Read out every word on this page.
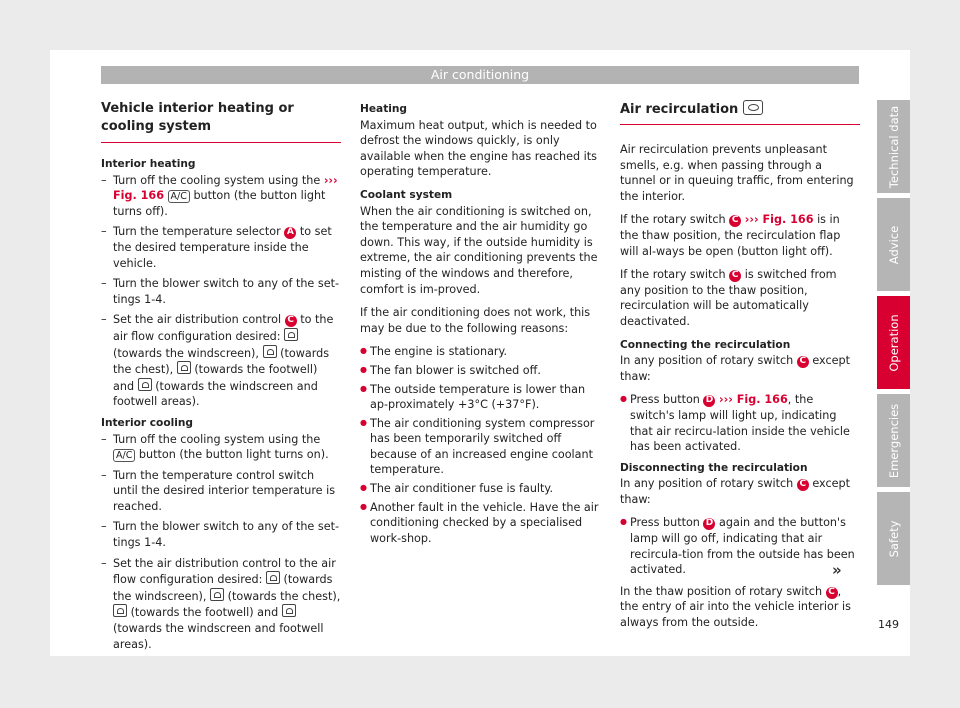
Air conditioning
Vehicle interior heating or cooling system
Interior heating
– Turn off the cooling system using the ››› Fig. 166 A/C button (the button light turns off).
– Turn the temperature selector A to set the desired temperature inside the vehicle.
– Turn the blower switch to any of the set-tings 1-4.
– Set the air distribution control C to the air flow configuration desired:  (towards the windscreen), (towards the chest), (towards the footwell) and (towards the windscreen and footwell areas).
Interior cooling
– Turn off the cooling system using the A/C button (the button light turns on).
– Turn the temperature control switch until the desired interior temperature is reached.
– Turn the blower switch to any of the set-tings 1-4.
– Set the air distribution control to the air flow configuration desired: (towards the windscreen), (towards the chest),  (towards the footwell) and  (towards the windscreen and footwell areas).
Heating

Maximum heat output, which is needed to defrost the windows quickly, is only available when the engine has reached its operating temperature.

Coolant system

When the air conditioning is switched on, the temperature and the air humidity go down. This way, if the outside humidity is extreme, the air conditioning prevents the misting of the windows and therefore, comfort is im-proved.

If the air conditioning does not work, this may be due to the following reasons:

● The engine is stationary.
● The fan blower is switched off.
● The outside temperature is lower than ap-proximately +3°C (+37°F).
● The air conditioning system compressor has been temporarily switched off because of an increased engine coolant temperature.
● The air conditioner fuse is faulty.
● Another fault in the vehicle. Have the air conditioning checked by a specialised work-shop.
Air recirculation

Air recirculation prevents unpleasant smells, e.g. when passing through a tunnel or in queuing traffic, from entering the interior.

If the rotary switch C ››› Fig. 166 is in the thaw position, the recirculation flap will al-ways be open (button light off).

If the rotary switch C is switched from any position to the thaw position, recirculation will be automatically deactivated.

Connecting the recirculation

In any position of rotary switch C except thaw:

● Press button D ››› Fig. 166, the switch's lamp will light up, indicating that air recircu-lation inside the vehicle has been activated.
Disconnecting the recirculation

In any position of rotary switch C except thaw:

● Press button D again and the button's lamp will go off, indicating that air recircula-tion from the outside has been activated.

In the thaw position of rotary switch C , the entry of air into the vehicle interior is always from the outside.

»
Technical data
Advice
Operation
Emergencies
Safety
149
